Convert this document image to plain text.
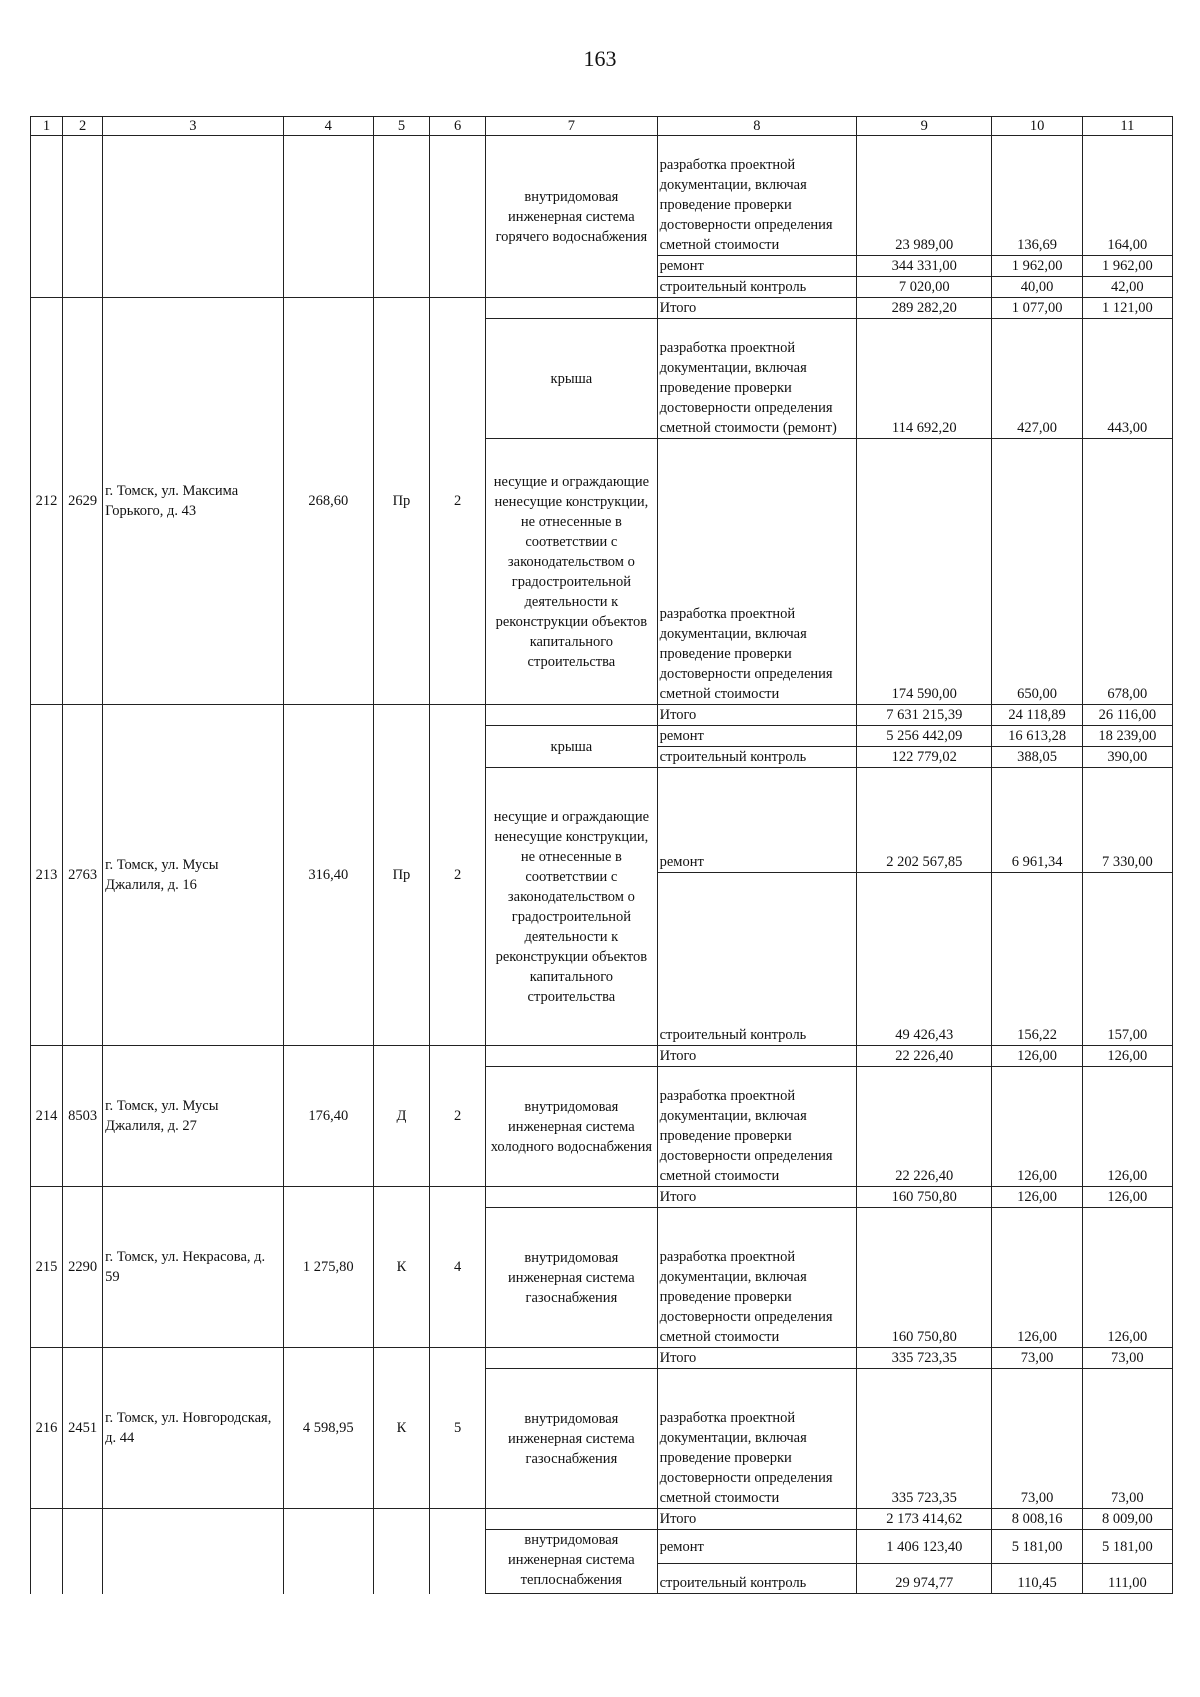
163
1	2	3	4	5	6	7	8	9	10	11
						внутридомовая инженерная система горячего водоснабжения	разработка проектной документации, включая проведение проверки достоверности определения сметной стоимости	23 989,00	136,69	164,00
							ремонт	344 331,00	1 962,00	1 962,00
							строительный контроль	7 020,00	40,00	42,00
212	2629	г. Томск, ул. Максима Горького, д. 43	268,60	Пр	2		Итого	289 282,20	1 077,00	1 121,00
						крыша	разработка проектной документации, включая проведение проверки достоверности определения сметной стоимости (ремонт)	114 692,20	427,00	443,00
						несущие и ограждающие ненесущие конструкции, не отнесенные в соответствии с законодательством о градостроительной деятельности к реконструкции объектов капитального строительства	разработка проектной документации, включая проведение проверки достоверности определения сметной стоимости	174 590,00	650,00	678,00
213	2763	г. Томск, ул. Мусы Джалиля, д. 16	316,40	Пр	2		Итого	7 631 215,39	24 118,89	26 116,00
						крыша	ремонт	5 256 442,09	16 613,28	18 239,00
							строительный контроль	122 779,02	388,05	390,00
						несущие и ограждающие ненесущие конструкции, не отнесенные в соответствии с законодательством о градостроительной деятельности к реконструкции объектов капитального строительства	ремонт	2 202 567,85	6 961,34	7 330,00
							строительный контроль	49 426,43	156,22	157,00
214	8503	г. Томск, ул. Мусы Джалиля, д. 27	176,40	Д	2		Итого	22 226,40	126,00	126,00
						внутридомовая инженерная система холодного водоснабжения	разработка проектной документации, включая проведение проверки достоверности определения сметной стоимости	22 226,40	126,00	126,00
215	2290	г. Томск, ул. Некрасова, д. 59	1 275,80	К	4		Итого	160 750,80	126,00	126,00
						внутридомовая инженерная система газоснабжения	разработка проектной документации, включая проведение проверки достоверности определения сметной стоимости	160 750,80	126,00	126,00
216	2451	г. Томск, ул. Новгородская, д. 44	4 598,95	К	5		Итого	335 723,35	73,00	73,00
						внутридомовая инженерная система газоснабжения	разработка проектной документации, включая проведение проверки достоверности определения сметной стоимости	335 723,35	73,00	73,00
							Итого	2 173 414,62	8 008,16	8 009,00
						внутридомовая инженерная система теплоснабжения	ремонт	1 406 123,40	5 181,00	5 181,00
							строительный контроль	29 974,77	110,45	111,00
